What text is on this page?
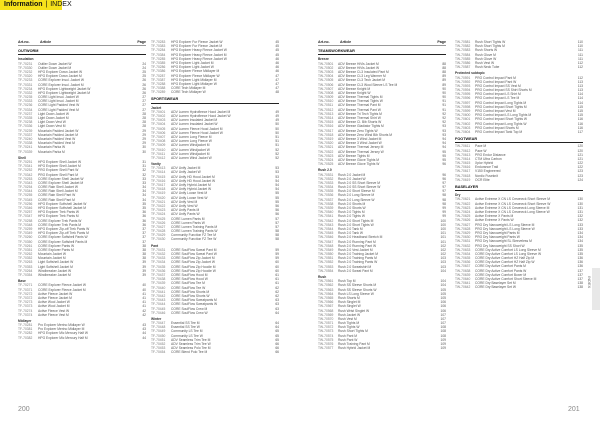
Information | INDEX
Art.no.	Article	Page
OUTWORM
Insulation
TF-70231	Outlier Down Jacket W	24
TF-70330	Outlier Down Jacket M	24
TF-70232	HPG Explorer Down Jacket W	25
TF-70320	HPG Explorer Down Jacket M	25
TF-70233	CORE Explorer Insul. Jacket W	26
TF-70331	CORE Explorer Insul. Jacket M	26
TF-70234	HPG Explorer Lightweight Jacket W	26
TF-70332	HPG Explorer Lightweight Jacket M	26
TF-70235	CORE Light Insul. Jacket W	27
TF-70333	CORE Light Insul. Jacket M	27
TF-70236	CORE Light Padded Vest W	27
TF-70334	CORE Light Padded Vest M	27
TF-70237	Light Down Jacket W	28
TF-70335	Light Down Jacket M	28
TF-70238	Light Down Vest W	28
TF-70336	Light Down Vest M	28
TF-70239	Mountain Padded Jacket W	29
TF-70337	Mountain Padded Jacket M	29
TF-70240	Mountain Padded Vest W	29
TF-70338	Mountain Padded Vest M	29
TF-70241	Mountain Parka W	30
TF-70339	Mountain Parka M	30
Shell
TF-70251	HPG Explorer Shell Jacket W	31
TF-70341	HPG Explorer Shell Jacket M	31
TF-70252	PRO Explorer Shell Pant W	32
TF-70342	PRO Explorer Shell Pant M	32
TF-70253	CORE Explorer Shell Jacket W	33
TF-70343	CORE Explorer Shell Jacket M	33
TF-70254	CORE Rain Shell Jacket W	34
TF-70344	CORE Rain Shell Jacket M	34
TF-70255	CORE Rain Shell Pant W	34
TF-70345	CORE Rain Shell Pant M	34
TF-70256	HPG Explorer Softshell Jacket W	35
TF-70346	HPG Explorer Softshell Jacket M	35
TF-70257	HPG Explorer Trek Pants W	36
TF-70347	HPG Explorer Trek Pants M	36
TF-70258	CORE Explorer Trek Pants W	36
TF-70348	CORE Explorer Trek Pants M	36
TF-70259	HPG Explorer Zip-off Trek Pants W	37
TF-70349	HPG Explorer Zip-off Trek Pants M	37
TF-70260	CORE Explorer Softshell Pants W	37
TF-70350	CORE Explorer Softshell Pants M	37
TF-70261	CORE Explorer Pants W	38
TF-70351	CORE Explorer Pants M	38
TF-70262	Mountain Jacket W	38
TF-70352	Mountain Jacket M	38
TF-70263	Light Softshell Jacket W	39
TF-70353	Light Softshell Jacket M	39
TF-70264	Windbreaker Jacket W	39
TF-70354	Windbreaker Jacket M	39
Base
TF-70271	CORE Explorer Fleece Jacket W	40
TF-70371	CORE Explorer Fleece Jacket M	40
TF-70272	Active Fleece Jacket W	41
TF-70372	Active Fleece Jacket M	41
TF-70273	Active Wool Jacket W	41
TF-70373	Active Wool Jacket M	41
TF-70274	Active Fleece Vest W	42
TF-70374	Active Fleece Vest M	42
Midlayer
TF-70281	Pro Explorer Merino Midlayer W	43
TF-70381	Pro Explorer Merino Midlayer M	43
TF-70282	HPG Explorer Mic Mercury Half W	44
TF-70382	HPG Explorer Mic Mercury Half M	44
TF-70283	HPG Explorer Fur Fleece Jacket W	45
TF-70383	HPG Explorer Fur Fleece Jacket M	45
TF-70284	HPG Explorer Heavy Fleece Jacket W	45
TF-70384	HPG Explorer Heavy Fleece Jacket M	45
TF-70285	HPG Explorer Heavy Fleece Jacket W	46
TF-70385	HPG Explorer Light Jacket M	46
TF-70286	HPG Explorer Light Jacket W	46
TF-70386	HPG Explorer Fleece Midlayer M	46
TF-70287	HPG Explorer Fleece Midlayer W	47
TF-70387	HPG Explorer Light Midlayer M	47
TF-70288	HPG Explorer Light Midlayer W	47
TF-70388	CORE Tech Midlayer M	47
TF-70289	CORE Tech Midlayer W	48
SPORTSWEAR
Jacket
TF-70401	ADV Lumen Hydrofleece Hood Jacket M	49
TF-70402	ADV Lumen Hydrofleece Hood Jacket W	49
TF-70403	ADV Lumen Insulated Jacket M	49
TF-70404	ADV Lumen Insulated Jacket W	50
TF-70405	ADV Lumen Fleece Hood Jacket M	50
TF-70406	ADV Lumen Fleece Hood Jacket W	50
TF-70407	ADV Lumen Long Fleece M	51
TF-70408	ADV Lumen Long Fleece W	51
TF-70409	ADV Lumen Windjacket M	51
TF-70410	ADV Lumen Windjacket W	52
TF-70411	ADV Lumen Windjacket M	52
TF-70412	ADV Lumen Wind Jacket W	52
Vanity
TF-70413	ADV Unify Jacket M	53
TF-70414	ADV Unify Jacket W	53
TF-70415	ADV Unify HD Hood Jacket M	53
TF-70416	ADV Unify HD Hood Jacket W	54
TF-70417	ADV Unify Hybrid Jacket M	54
TF-70418	ADV Unify Hybrid Jacket W	54
TF-70419	ADV Unify Loose Vest M	55
TF-70420	ADV Unify Loose Vest W	55
TF-70421	ADV Unify Vest M	55
TF-70422	ADV Unify Vest W	56
TF-70423	ADV Unify Pants M	56
TF-70424	ADV Unify Pants W	56
TF-70425	CORE Lumen Pants M	57
TF-70426	CORE Lumen Pants W	57
TF-70427	CORE Lumen Training Pants M	57
TF-70428	CORE Lumen Training Pants W	58
TF-70429	Community Function FZ Tee M	58
TF-70430	Community Function FZ Tee W	58
Pant
TF-70431	CORE SoulFlow Sweat Pant M	59
TF-70432	CORE SoulFlow Sweat Pant W	59
TF-70433	CORE SoulFlow Zip Jacket M	59
TF-70434	CORE SoulFlow Zip Jacket W	60
TF-70435	CORE SoulFlow Zip Hoodie M	60
TF-70436	CORE SoulFlow Zip Hoodie W	60
TF-70437	CORE SoulFlow Hood M	61
TF-70438	CORE SoulFlow Hood W	61
TF-70439	CORE SoulFlow Tee M	61
TF-70440	CORE SoulFlow Tee W	62
TF-70441	CORE SoulFlow Shorts M	62
TF-70442	CORE SoulFlow Shorts W	62
TF-70443	CORE SoulFlow Sweatpants M	63
TF-70444	CORE SoulFlow Sweatpants W	63
TF-70445	CORE SoulFlow Crew M	63
TF-70446	CORE SoulFlow Crew W	64
Winter
TF-70447	Essential SS Tee M	64
TF-70448	Essential SS Tee W	64
TF-70449	Community LS Tee M	65
TF-70450	Community LS Tee W	65
TF-70451	ADV Seamless Trim Tee M	65
TF-70452	ADV Seamless Trim Tee W	66
TF-70453	ADV Seamless Polo Tee M	66
TF-70454	CORE Blend Polo Tee M	66
Art.no.	Article	Page
TEAMSWORKWEAR
Breeze
TW-70501	ADV Breeze HiVis Jacket M	88
TW-70502	ADV Breeze HiVis Jacket W	88
TW-70503	ADV Breeze CL3 Insulated Pant M	88
TW-70504	ADV Breeze CL3 Leg Warmer M	89
TW-70505	ADV Breeze CL3 Tech Jacket M	89
TW-70506	ADV Breeze CL3 Wool Sleeve LS Tee M	89
TW-70507	ADV Breeze Knight M	90
TW-70508	ADV Breeze Knight W	90
TW-70509	ADV Breeze Thermal Tights M	90
TW-70510	ADV Breeze Thermal Tights W	91
TW-70511	ADV Breeze Thermal Pant M	91
TW-70512	ADV Breeze Thermal Pant W	91
TW-70513	ADV Breeze Tri Tech Tights M	92
TW-70514	ADV Breeze Thermal Shirt W	92
TW-70515	ADV Breeze Cl. Bib Shorts W	92
TW-70516	ADV Breeze Gladiator Tights M	93
TW-70517	ADV Breeze Zero Tights W	93
TW-70518	ADV Breeze Zero Wind Bib Shorts M	93
TW-70519	ADV Breeze 3 Wind Jacket M	94
TW-70520	ADV Breeze 3 Wind Jacket W	94
TW-70521	ADV Breeze Thermal Jersey M	94
TW-70522	ADV Breeze Thermal Jersey W	95
TW-70523	ADV Breeze Tights M	95
TW-70524	ADV Breeze Glove Tights M	95
TW-70525	ADV Breeze Glove Tights W	96
Rush 2.0
TW-70531	Rush 2.0 Jacket M	96
TW-70532	Rush 2.0 Jacket W	96
TW-70533	Rush 2.0 SS Short Sleeve M	97
TW-70534	Rush 2.0 SS Short Sleeve W	97
TW-70535	Rush 2.0 Short Sleeve M	97
TW-70536	Rush 2.0 Long Sleeve M	98
TW-70537	Rush 2.0 Long Sleeve W	98
TW-70538	Rush 2.0 Shorts M	98
TW-70539	Rush 2.0 Shorts W	99
TW-70540	Rush 2.0 Tights M	99
TW-70541	Rush 2.0 Tights W	99
TW-70542	Rush 2.0 Short Tights M	100
TW-70543	Rush 2.0 Short Tights W	100
TW-70544	Rush 2.0 Tank M	100
TW-70545	Rush 2.0 Tank W	101
TW-70546	Rush 2.0 Headband Stretch M	101
TW-70547	Rush 2.0 Running Pant M	101
TW-70548	Rush 2.0 Running Pant W	102
TW-70549	Rush 2.0 Vest Jacket M	102
TW-70550	Rush 2.0 Training Jacket M	102
TW-70551	Rush 2.0 Training Pants M	103
TW-70552	Rush 2.0 Training Pants W	103
TW-70553	Rush 2.0 Sweatshirt M	103
TW-70554	Rush 2.0 Sweat Pant M	104
Rush
TW-70561	Rush Top M	104
TW-70562	Rush SS Sleeve Shorts M	104
TW-70563	Rush SS Sleeve Shorts W	105
TW-70564	Rush LS Long Sleeve W	105
TW-70565	Rush Shorts M	105
TW-70566	Rush Singlet M	106
TW-70567	Rush Singlet W	106
TW-70568	Rush Wrist Singlet W	106
TW-70569	Rush Jacket W	107
TW-70570	Rush Vest M	107
TW-70571	Rush Tights M	107
TW-70572	Rush Tights W	108
TW-70573	Rush Short Tights M	108
TW-70574	Rush Pant M	108
TW-70575	Rush Pant W	109
TW-70576	Rush Training Pant M	109
TW-70577	Rush Hybrid Jacket M	109
TW-70581	Rush Short Tights W	110
TW-70582	Rush Short Tights M	110
TW-70583	Rush Shorts W	111
TW-70584	Rush Glove M	111
TW-70585	Rush Glove W	111
TW-70586	Rush Vest W	112
TW-70587	Rush Neck Tube	112
Protected subtopic
TW-70591	PRO Control Impact Pant M	112
TW-70592	PRO Control Impact Pant W	113
TW-70593	PRO Control Impact SS Vest M	113
TW-70594	PRO Control Impact SS Shirt Shorts M	113
TW-70595	PRO Control Impact LS Shirt M	114
TW-70596	PRO Control Impact LS Tee M	114
TW-70597	PRO Control Impact Long Tights M	114
TW-70598	PRO Control Impact Short Tights M	115
TW-70599	PRO Control Impact Vest M	115
TW-70600	PRO Control Impact LS Long Tights M	115
TW-70601	PRO Control Impact Short Tights W	116
TW-70602	PRO Control Impact Long Tights W	116
TW-70603	PRO Control Impact Shorts M	116
TW-70604	PRO Control Impact Tank Top M	117
FOOTWEAR
TW-70611	Pace M	120
TW-70612	Pace W	120
TW-70613	PRO Endur Distance	121
TW-70614	CTM Ultra Carbon	121
TW-70615	Xplor Hybrid	122
TW-70616	Endurance Trail	122
TW-70617	V150 Engineered	123
TW-70618	Nordic Fuseknit	123
TW-70619	OCR Elite	124
BASELAYER
Dry
TW-70621	Active Extreme X CN LS Crewneck Short Sleeve M	130
TW-70622	Active Extreme X CN LS Crewneck Short Sleeve W	130
TW-70623	Active Extreme X CN LS Crewneck Long Sleeve M	131
TW-70624	Active Extreme X CN LS Crewneck Long Sleeve W	131
TW-70625	Active Extreme X Pants M	132
TW-70626	Active Extreme X Pants W	132
TW-70627	PRO Dry Nanoweight LS Long Sleeve M	133
TW-70628	PRO Dry Nanoweight LS Long Sleeve W	133
TW-70629	PRO Dry Nanoweight Pants M	134
TW-70630	PRO Dry Nanoweight Pants W	134
TW-70631	PRO Dry Nanoweight SL Sleeveless M	134
TW-70632	PRO Dry Nanoweight SS Short W	135
TW-70633	CORE Dry Active Comfort LS Long Sleeve M	135
TW-70634	CORE Dry Active Comfort LS Long Sleeve W	135
TW-70635	CORE Dry Active Comfort HZ Half Zip M	136
TW-70636	CORE Dry Active Comfort HZ Half Zip W	136
TW-70637	CORE Dry Active Comfort Pants M	136
TW-70638	CORE Dry Active Comfort Pants W	137
TW-70639	CORE Dry Active Comfort Boxer M	137
TW-70640	CORE Dry Active Comfort Short Sleeve M	137
TW-70641	CORE Dry Baselayer Set M	138
TW-70642	CORE Dry Baselayer Set W	138
200	201
INDEX
